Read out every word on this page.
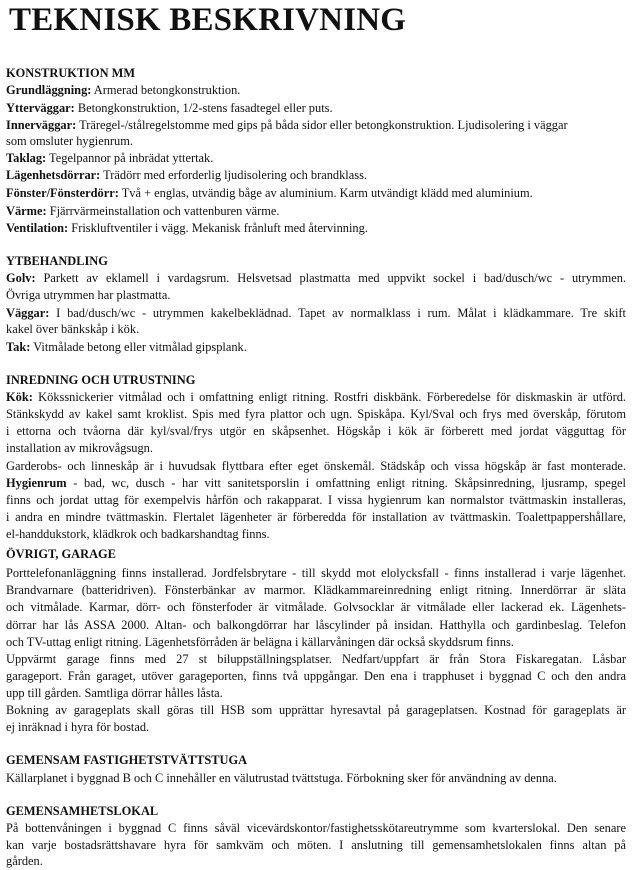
TEKNISK BESKRIVNING
KONSTRUKTION MM
Grundläggning: Armerad betongkonstruktion.
Ytterväggar: Betongkonstruktion, 1/2-stens fasadtegel eller puts.
Innerväggar: Träregel-/stålregelstomme med gips på båda sidor eller betongkonstruktion. Ljudisolering i väggar
som omsluter hygienrum.
Taklag: Tegelpannor på inbrädat yttertak.
Lägenhetsdörrar: Trädörr med erforderlig ljudisolering och brandklass.
Fönster/Fönsterdörr: Två + englas, utvändig båge av aluminium. Karm utvändigt klädd med aluminium.
Värme: Fjärrvärmeinstallation och vattenburen värme.
Ventilation: Friskluftventiler i vägg. Mekanisk frånluft med återvinning.
YTBEHANDLING
Golv: Parkett av eklamell i vardagsrum. Helsvetsad plastmatta med uppvikt sockel i bad/dusch/wc - utrymmen.
Övriga utrymmen har plastmatta.
Väggar: I bad/dusch/wc - utrymmen kakelbeklädnad. Tapet av normalklass i rum. Målat i klädkammare. Tre skift
kakel över bänkskåp i kök.
Tak: Vitmålade betong eller vitmålad gipsplank.
INREDNING OCH UTRUSTNING
Kök: Kökssnickerier vitmålad och i omfattning enligt ritning. Rostfri diskbänk. Förberedelse för diskmaskin är utförd.
Stänkskydd av kakel samt kroklist. Spis med fyra plattor och ugn. Spiskåpa. Kyl/Sval och frys med överskåp, förutom
i ettorna och tvåorna där kyl/sval/frys utgör en skåpsenhet. Högskåp i kök är förberett med jordat vägguttag för
installation av mikrovågsugn.
Garderobs- och linneskåp är i huvudsak flyttbara efter eget önskemål. Städskåp och vissa högskåp är fast monterade.
Hygienrum - bad, wc, dusch - har vitt sanitetsporslin i omfattning enligt ritning. Skåpsinredning, ljusramp, spegel
finns och jordat uttag för exempelvis hårfön och rakapparat. I vissa hygienrum kan normalstor tvättmaskin installeras,
i andra en mindre tvättmaskin. Flertalet lägenheter är förberedda för installation av tvättmaskin. Toalettpappershållare,
el-handdukstork, klädkrok och badkarshandtag finns.
ÖVRIGT, GARAGE
Porttelefonanläggning finns installerad. Jordfelsbrytare - till skydd mot elolycksfall - finns installerad i varje lägenhet.
Brandvarnare (batteridriven). Fönsterbänkar av marmor. Klädkammareinredning enligt ritning. Innerdörrar är släta
och vitmålade. Karmar, dörr- och fönsterfoder är vitmålade. Golvsocklar är vitmålade eller lackerad ek. Lägenhets-
dörrar har lås ASSA 2000. Altan- och balkongdörrar har låscylinder på insidan. Hatthylla och gardinbeslag. Telefon
och TV-uttag enligt ritning. Lägenhetsförråden är belägna i källarvåningen där också skyddsrum finns.
Uppvärmt garage finns med 27 st biluppställningsplatser. Nedfart/uppfart är från Stora Fiskaregatan. Låsbar
garageport. Från garaget, utöver garageporten, finns två uppgångar. Den ena i trapphuset i byggnad C och den andra
upp till gården. Samtliga dörrar hålles låsta.
Bokning av garageplats skall göras till HSB som upprättar hyresavtal på garageplatsen. Kostnad för garageplats är
ej inräknad i hyra för bostad.
GEMENSAM FASTIGHETSTVÄTTSTUGA
Källarplanet i byggnad B och C innehåller en välutrustad tvättstuga. Förbokning sker för användning av denna.
GEMENSAMHETSLOKAL
På bottenvåningen i byggnad C finns såväl vicevärdskontor/fastighetsskötareutrymme som kvarterslokal. Den senare
kan varje bostadsrättshavare hyra för samkväm och möten. I anslutning till gemensamhetslokalen finns altan på
gården.
